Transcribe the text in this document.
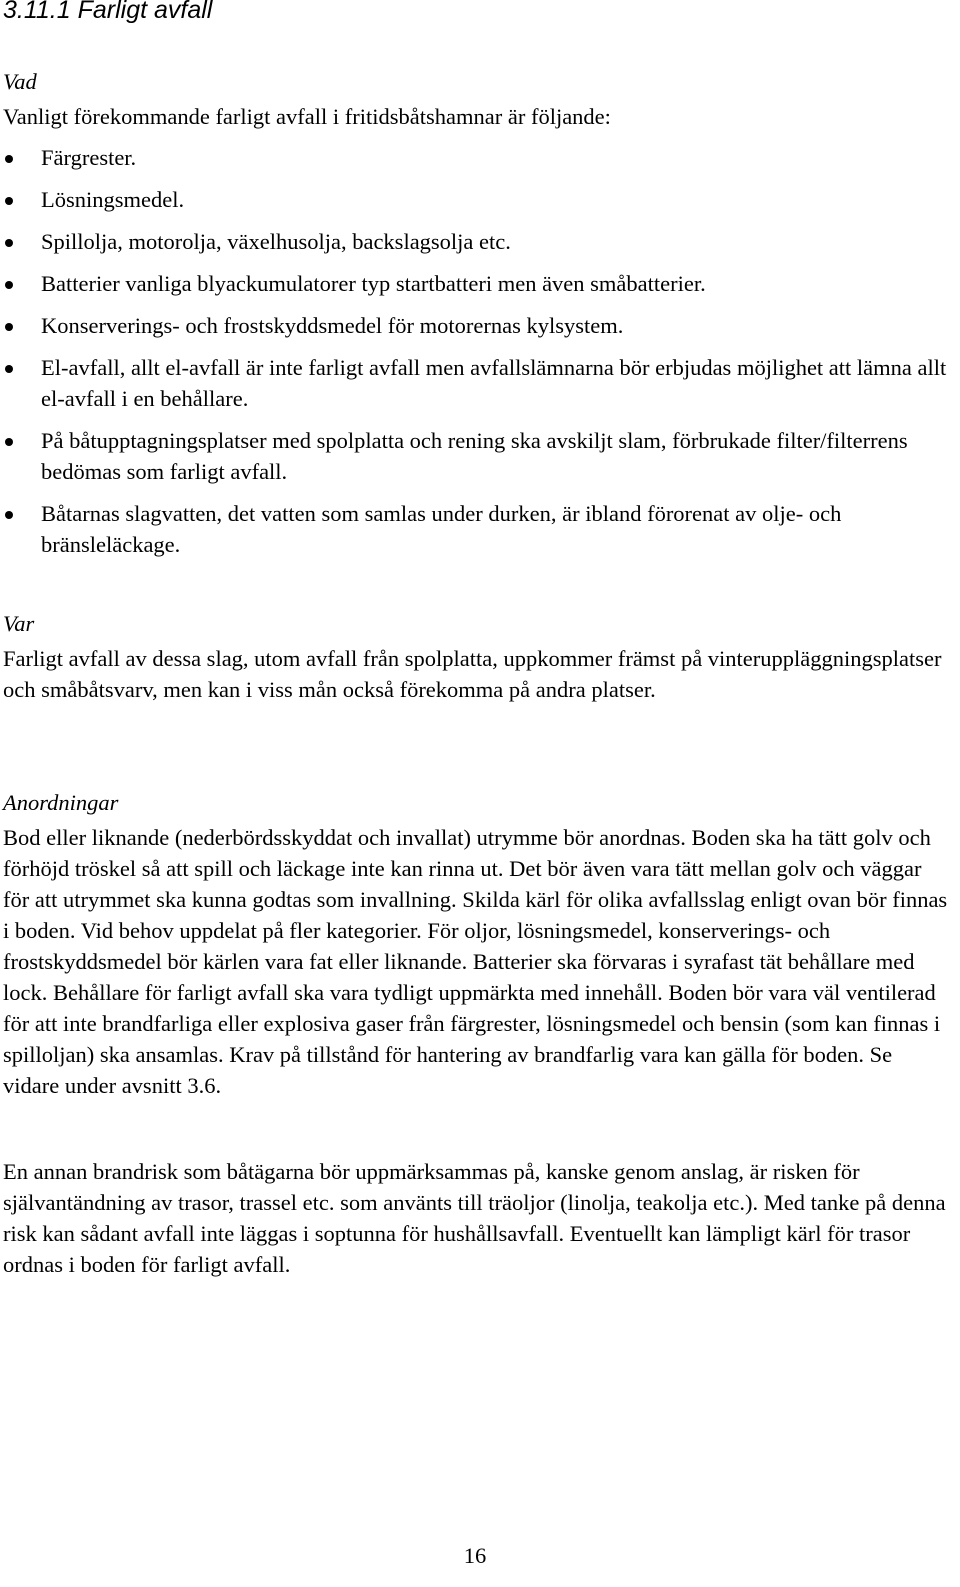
3.11.1 Farligt avfall
Vad

Vanligt förekommande farligt avfall i fritidsbåtshamnar är följande:

Färgrester.
Lösningsmedel.
Spillolja, motorolja, växelhusolja, backslagsolja etc.
Batterier vanliga blyackumulatorer typ startbatteri men även småbatterier.
Konserverings- och frostskyddsmedel för motorernas kylsystem.
El-avfall, allt el-avfall är inte farligt avfall men avfallslämnarna bör erbjudas möjlighet att lämna allt el-avfall i en behållare.
På båtupptagningsplatser med spolplatta och rening ska avskiljt slam, förbrukade filter/filterrens bedömas som farligt avfall.
Båtarnas slagvatten, det vatten som samlas under durken, är ibland förorenat av olje- och bränsleläckage.
Var

Farligt avfall av dessa slag, utom avfall från spolplatta, uppkommer främst på vinteruppläggningsplatser och småbåtsvarv, men kan i viss mån också förekomma på andra platser.

Anordningar

Bod eller liknande (nederbördsskyddat och invallat) utrymme bör anordnas. Boden ska ha tätt golv och förhöjd tröskel så att spill och läckage inte kan rinna ut. Det bör även vara tätt mellan golv och väggar för att utrymmet ska kunna godtas som invallning. Skilda kärl för olika avfallsslag enligt ovan bör finnas i boden. Vid behov uppdelat på fler kategorier. För oljor, lösningsmedel, konserverings- och frostskyddsmedel bör kärlen vara fat eller liknande. Batterier ska förvaras i syrafast tät behållare med lock. Behållare för farligt avfall ska vara tydligt uppmärkta med innehåll. Boden bör vara väl ventilerad för att inte brandfarliga eller explosiva gaser från färgrester, lösningsmedel och bensin (som kan finnas i spilloljan) ska ansamlas. Krav på tillstånd för hantering av brandfarlig vara kan gälla för boden. Se vidare under avsnitt 3.6.

En annan brandrisk som båtägarna bör uppmärksammas på, kanske genom anslag, är risken för självantändning av trasor, trassel etc. som använts till träoljor (linolja, teakolja etc.). Med tanke på denna risk kan sådant avfall inte läggas i soptunna för hushållsavfall. Eventuellt kan lämpligt kärl för trasor ordnas i boden för farligt avfall.

16
